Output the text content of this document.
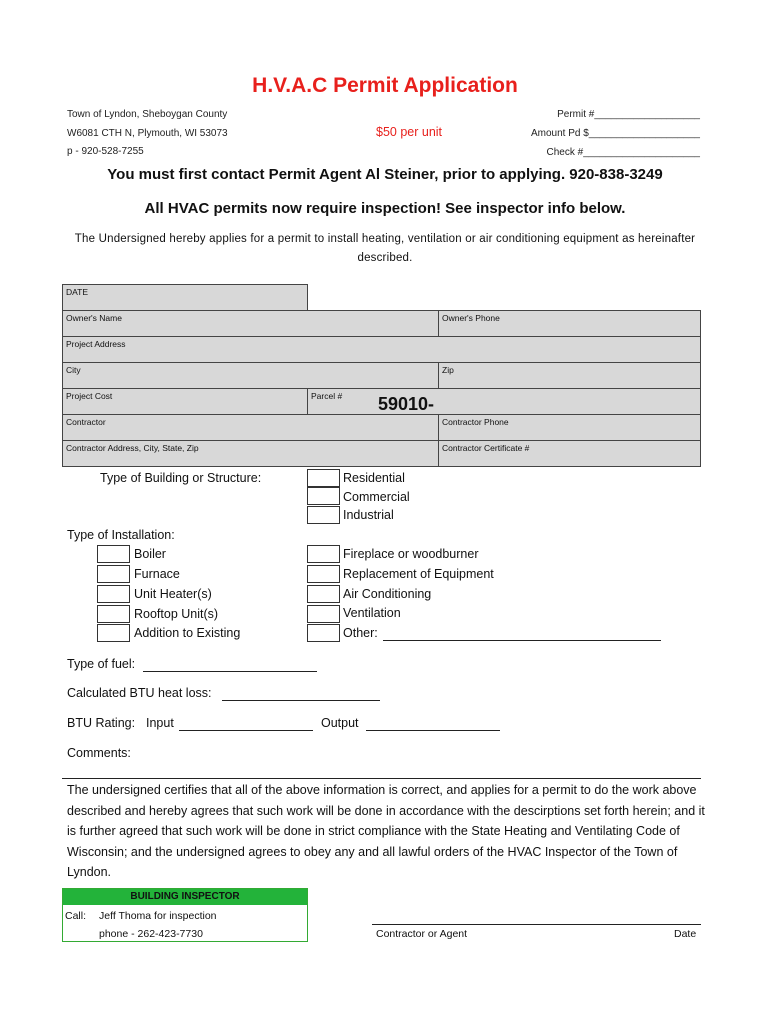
H.V.A.C Permit Application
Town of Lyndon, Sheboygan County
W6081 CTH N, Plymouth, WI 53073
p - 920-528-7255
$50 per unit
Permit #___________________
Amount Pd $____________________
Check #_____________________
You must first contact Permit Agent Al Steiner, prior to applying. 920-838-3249
All HVAC permits now require inspection! See inspector info below.
The Undersigned hereby applies for a permit to install heating, ventilation or air conditioning equipment as hereinafter described.
DATE
Owner's Name	Owner's Phone
Project Address
City	Zip
Project Cost	Parcel # 59010-
Contractor	Contractor Phone
Contractor Address, City, State, Zip	Contractor Certificate #
Type of Building or Structure:	Residential
Commercial
Industrial
Type of Installation:
Boiler
Furnace
Unit Heater(s)
Rooftop Unit(s)
Addition to Existing
Fireplace or woodburner
Replacement of Equipment
Air Conditioning
Ventilation
Other:
Type of fuel:
Calculated BTU heat loss:
BTU Rating: Input	Output
Comments:
The undersigned certifies that all of the above information is correct, and applies for a permit to do the work above described and hereby agrees that such work will be done in accordance with the descirptions set forth herein; and it is further agreed that such work will be done in strict compliance with the State Heating and Ventilating Code of Wisconsin; and the undersigned agrees to obey any and all lawful orders of the HVAC Inspector of the Town of Lyndon.
BUILDING INSPECTOR
Call: Jeff Thoma for inspection
phone - 262-423-7730	Contractor or Agent	Date
